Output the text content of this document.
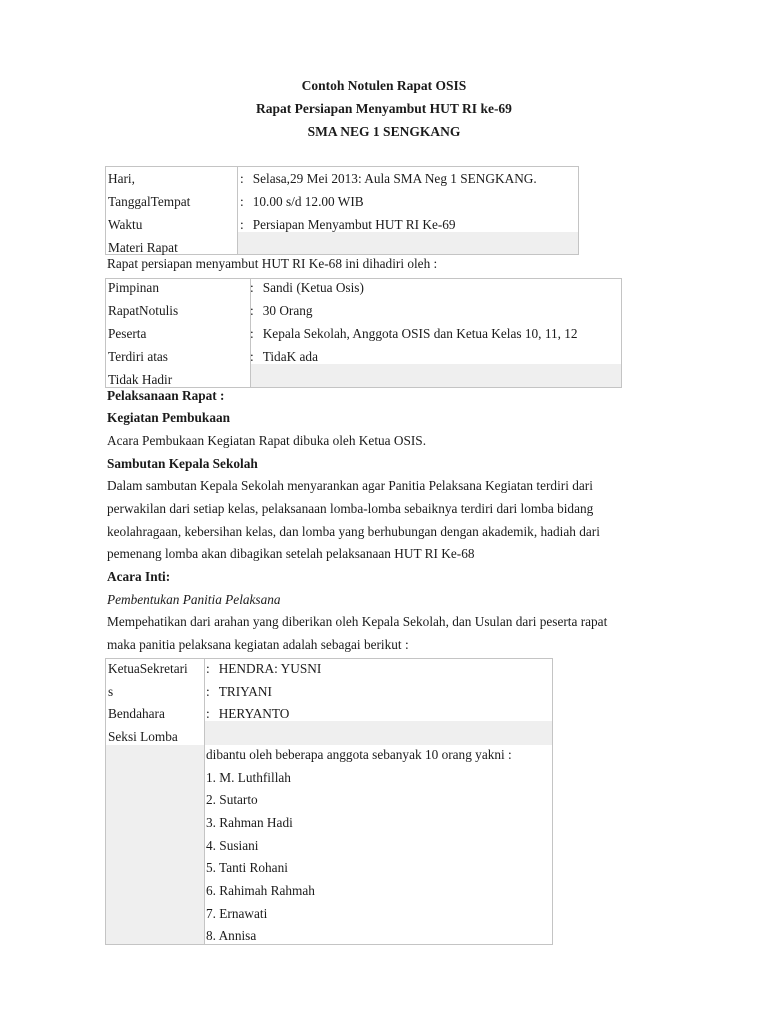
Contoh Notulen Rapat OSIS
Rapat Persiapan Menyambut HUT RI ke-69
SMA NEG 1 SENGKANG
Hari,
TanggalTempat
Waktu
Materi Rapat
: Selasa,29 Mei 2013: Aula SMA Neg 1 SENGKANG.
: 10.00 s/d 12.00 WIB
: Persiapan Menyambut HUT RI Ke-69
Rapat persiapan menyambut HUT RI Ke-68 ini dihadiri oleh :
Pimpinan
RapatNotulis
Peserta
Terdiri atas
Tidak Hadir
: Sandi (Ketua Osis)
: 30 Orang
: Kepala Sekolah, Anggota OSIS dan Ketua Kelas 10, 11, 12
: TidaK ada
Pelaksanaan Rapat :
Kegiatan Pembukaan
Acara Pembukaan Kegiatan Rapat dibuka oleh Ketua OSIS.
Sambutan Kepala Sekolah
Dalam sambutan Kepala Sekolah menyarankan agar Panitia Pelaksana Kegiatan terdiri dari
perwakilan dari setiap kelas, pelaksanaan lomba-lomba sebaiknya terdiri dari lomba bidang
keolahragaan, kebersihan kelas, dan lomba yang berhubungan dengan akademik, hadiah dari
pemenang lomba akan dibagikan setelah pelaksanaan HUT RI Ke-68
Acara Inti:
Pembentukan Panitia Pelaksana
Mempehatikan dari arahan yang diberikan oleh Kepala Sekolah, dan Usulan dari peserta rapat
maka panitia pelaksana kegiatan adalah sebagai berikut :
KetuaSekretari
s
Bendahara
Seksi Lomba
: HENDRA: YUSNI
: TRIYANI
: HERYANTO
dibantu oleh beberapa anggota sebanyak 10 orang yakni :
1. M. Luthfillah
2. Sutarto
3. Rahman Hadi
4. Susiani
5. Tanti Rohani
6. Rahimah Rahmah
7. Ernawati
8. Annisa
